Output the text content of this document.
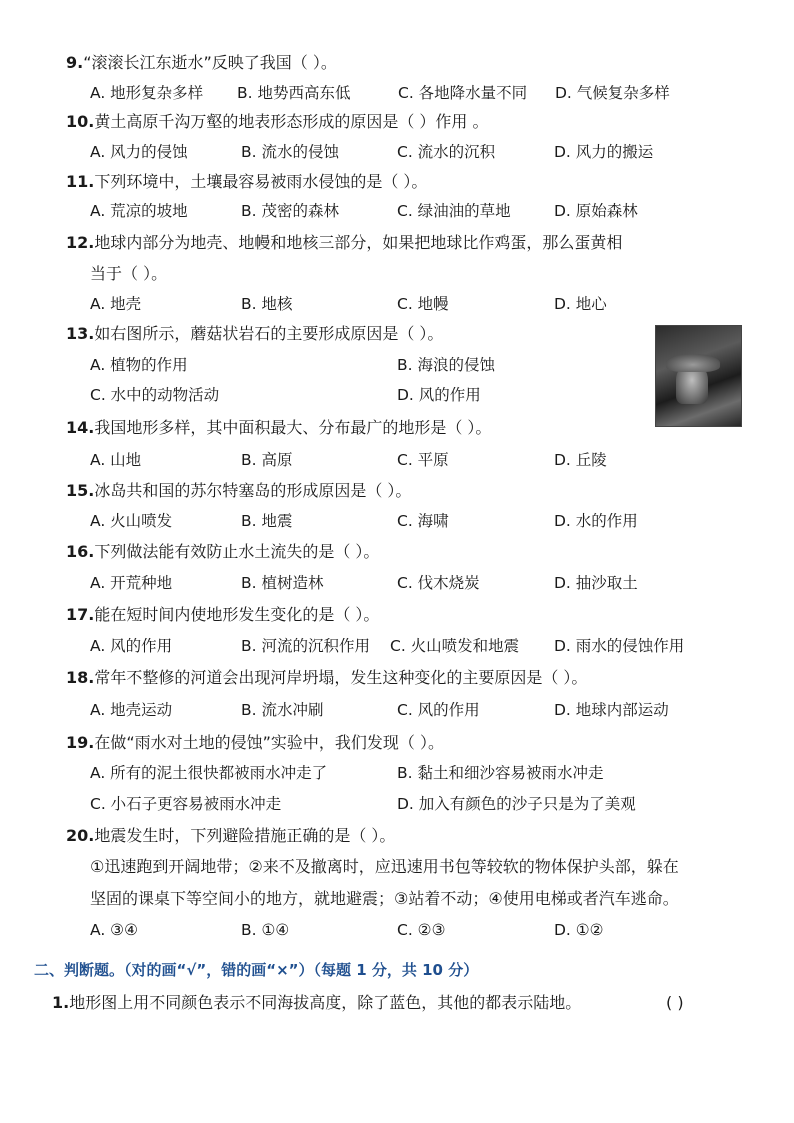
9.“滚滚长江东逝水”反映了我国（ ）。
A. 地形复杂多样 B. 地势西高东低	C. 各地降水量不同 D. 气候复杂多样
10.黄土高原千沟万壑的地表形态形成的原因是（ ）作用 。
A. 风力的侵蚀	B. 流水的侵蚀	C. 流水的沉积	D. 风力的搬运
11.下列环境中，土壤最容易被雨水侵蚀的是（ ）。
A. 荒凉的坡地	B. 茂密的森林	C. 绿油油的草地	D. 原始森林
12.地球内部分为地壳、地幔和地核三部分，如果把地球比作鸡蛋，那么蛋黄相
当于（ ）。
A. 地壳	B. 地核	C. 地幔	D. 地心
13.如右图所示，蘑菇状岩石的主要形成原因是（ ）。
A. 植物的作用	B. 海浪的侵蚀
C. 水中的动物活动	D. 风的作用
14.我国地形多样，其中面积最大、分布最广的地形是（ ）。
A. 山地	B. 高原	C. 平原	D. 丘陵
15.冰岛共和国的苏尔特塞岛的形成原因是（ ）。
A. 火山喷发	B. 地震	C. 海啸	D. 水的作用
16.下列做法能有效防止水土流失的是（ ）。
A. 开荒种地	B. 植树造林	C. 伐木烧炭	D. 抽沙取土
17.能在短时间内使地形发生变化的是（ ）。
A. 风的作用	B. 河流的沉积作用 C. 火山喷发和地震 D. 雨水的侵蚀作用
18.常年不整修的河道会出现河岸坍塌，发生这种变化的主要原因是（ ）。
A. 地壳运动	B. 流水冲刷	C. 风的作用	D. 地球内部运动
19.在做“雨水对土地的侵蚀”实验中，我们发现（ ）。
A. 所有的泥土很快都被雨水冲走了	B. 黏土和细沙容易被雨水冲走
C. 小石子更容易被雨水冲走	D. 加入有颜色的沙子只是为了美观
20.地震发生时，下列避险措施正确的是（ ）。
①迅速跑到开阔地带；②来不及撤离时，应迅速用书包等较软的物体保护头部，躲在
坚固的课桌下等空间小的地方，就地避震；③站着不动；④使用电梯或者汽车逃命。
A. ③④	B. ①④	C. ②③	D. ①②
二、判断题。（对的画“√”，错的画“×”）（每题 1 分，共 10 分）
1.地形图上用不同颜色表示不同海拔高度，除了蓝色，其他的都表示陆地。	( )
